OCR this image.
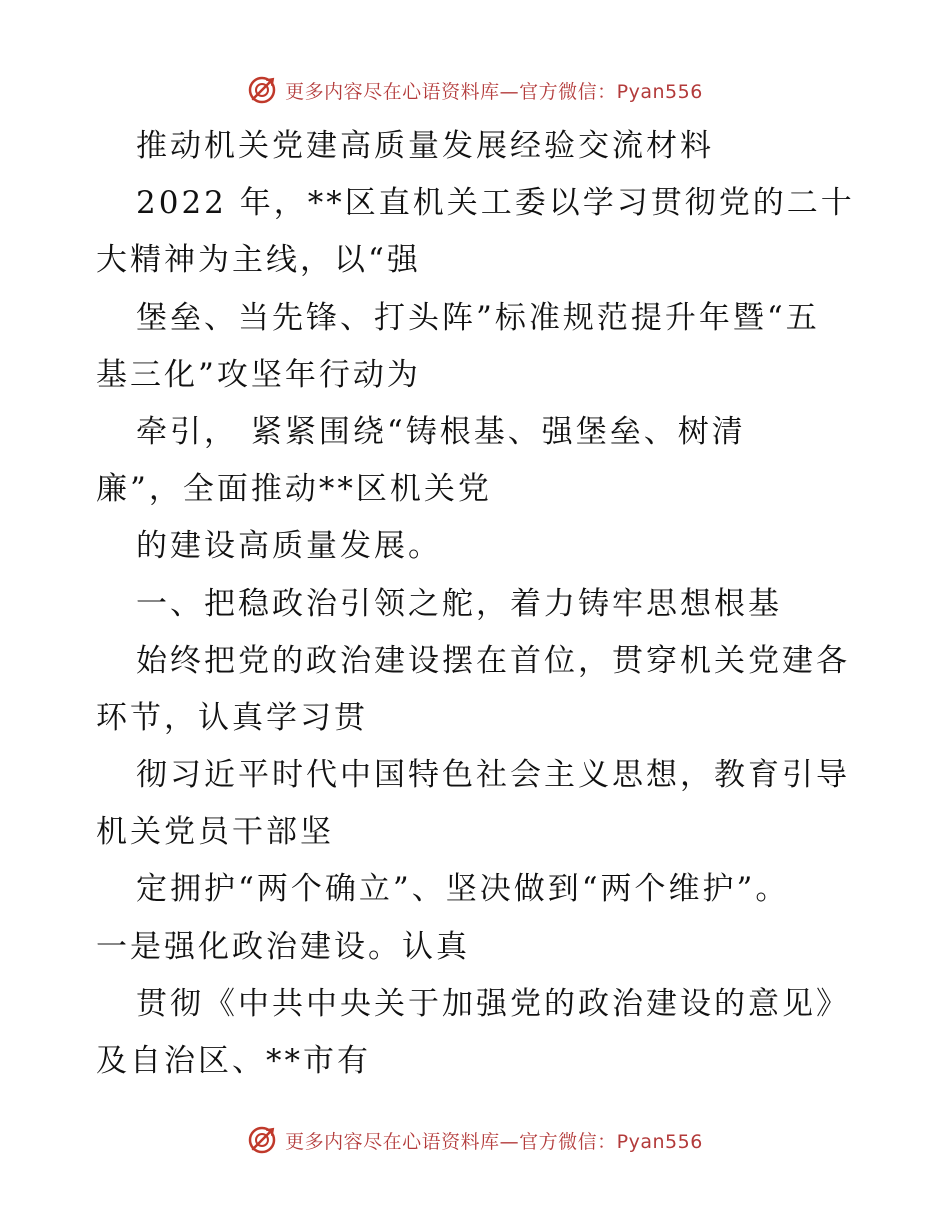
更多内容尽在心语资料库—官方微信：Pyan556
推动机关党建高质量发展经验交流材料
2022 年，**区直机关工委以学习贯彻党的二十
大精神为主线，以“强
堡垒、当先锋、打头阵”标准规范提升年暨“五
基三化”攻坚年行动为
牵引， 紧紧围绕“铸根基、强堡垒、树清
廉”，全面推动**区机关党
的建设高质量发展。
一、把稳政治引领之舵，着力铸牢思想根基
始终把党的政治建设摆在首位，贯穿机关党建各
环节，认真学习贯
彻习近平时代中国特色社会主义思想，教育引导
机关党员干部坚
定拥护“两个确立”、坚决做到“两个维护”。
一是强化政治建设。认真
贯彻《中共中央关于加强党的政治建设的意见》
及自治区、**市有
更多内容尽在心语资料库—官方微信：Pyan556
